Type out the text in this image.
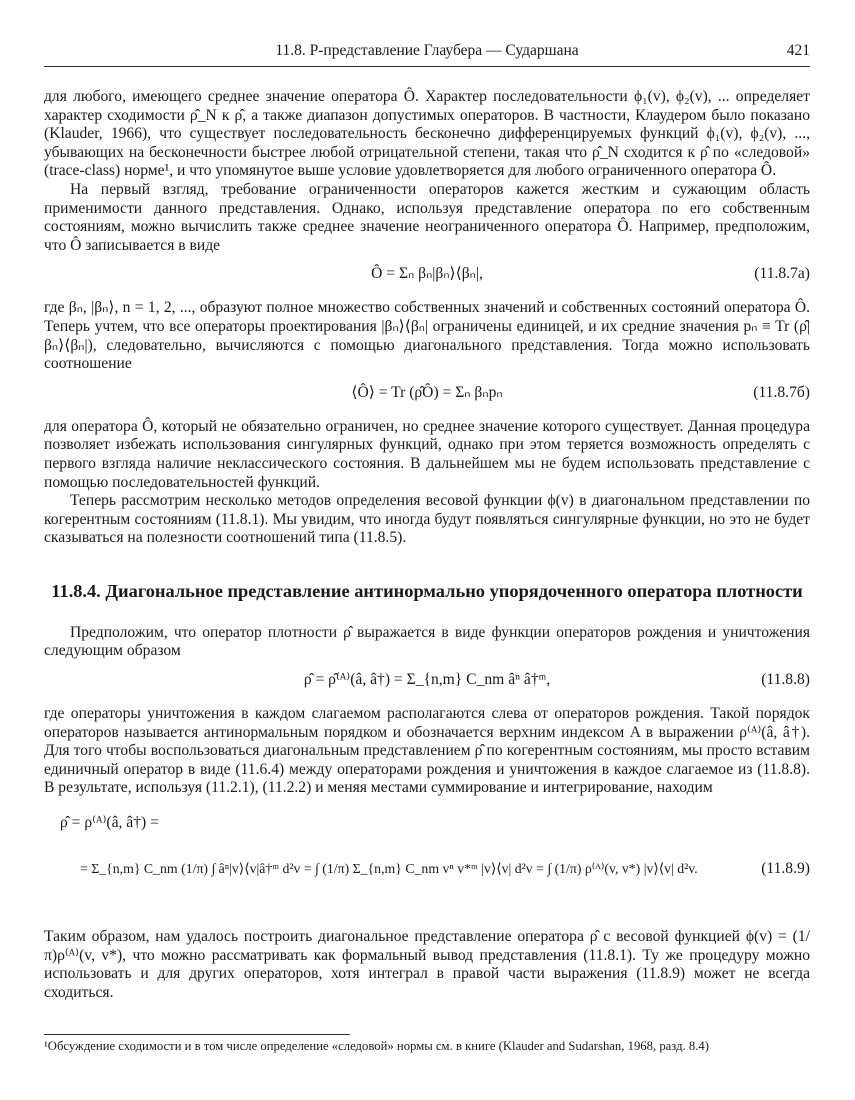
11.8. P-представление Глаубера — Сударшана	421

для любого, имеющего среднее значение оператора Ô. Характер последовательности ϕ₁(v), ϕ₂(v), ... определяет характер сходимости ρ̂_N к ρ̂, а также диапазон допустимых операторов. В частности, Клаудером было показано (Klauder, 1966), что существует последовательность бесконечно дифференцируемых функций ϕ₁(v), ϕ₂(v), ..., убывающих на бесконечности быстрее любой отрицательной степени, такая что ρ̂_N сходится к ρ̂ по «следовой» (trace-class) норме¹, и что упомянутое выше условие удовлетворяется для любого ограниченного оператора Ô.

На первый взгляд, требование ограниченности операторов кажется жестким и сужающим область применимости данного представления. Однако, используя представление оператора по его собственным состояниям, можно вычислить также среднее значение неограниченного оператора Ô. Например, предположим, что Ô записывается в виде

Ô = Σₙ βₙ|βₙ⟩⟨βₙ|,	(11.8.7a)

где βₙ, |βₙ⟩, n = 1, 2, ..., образуют полное множество собственных значений и собственных состояний оператора Ô. Теперь учтем, что все операторы проектирования |βₙ⟩⟨βₙ| ограничены единицей, и их средние значения pₙ ≡ Tr (ρ̂|βₙ⟩⟨βₙ|), следовательно, вычисляются с помощью диагонального представления. Тогда можно использовать соотношение

⟨Ô⟩ = Tr (ρ̂Ô) = Σₙ βₙpₙ	(11.8.7б)

для оператора Ô, который не обязательно ограничен, но среднее значение которого существует. Данная процедура позволяет избежать использования сингулярных функций, однако при этом теряется возможность определять с первого взгляда наличие неклассического состояния. В дальнейшем мы не будем использовать представление с помощью последовательностей функций.

Теперь рассмотрим несколько методов определения весовой функции ϕ(v) в диагональном представлении по когерентным состояниям (11.8.1). Мы увидим, что иногда будут появляться сингулярные функции, но это не будет сказываться на полезности соотношений типа (11.8.5).

11.8.4. Диагональное представление антинормально упорядоченного оператора плотности

Предположим, что оператор плотности ρ̂ выражается в виде функции операторов рождения и уничтожения следующим образом

ρ̂ = ρ̂⁽ᴬ⁾(â, â†) = Σ_{n,m} C_nm âⁿ â†ᵐ,	(11.8.8)

где операторы уничтожения в каждом слагаемом располагаются слева от операторов рождения. Такой порядок операторов называется антинормальным порядком и обозначается верхним индексом A в выражении ρ⁽ᴬ⁾(â, â†). Для того чтобы воспользоваться диагональным представлением ρ̂ по когерентным состояниям, мы просто вставим единичный оператор в виде (11.6.4) между операторами рождения и уничтожения в каждое слагаемое из (11.8.8). В результате, используя (11.2.1), (11.2.2) и меняя местами суммирование и интегрирование, находим

ρ̂ = ρ⁽ᴬ⁾(â, â†) =
= Σ_{n,m} C_nm (1/π) ∫ âⁿ|v⟩⟨v|â†ᵐ d²v = ∫ (1/π) Σ_{n,m} C_nm vⁿ v*ᵐ |v⟩⟨v| d²v = ∫ (1/π) ρ⁽ᴬ⁾(v, v*) |v⟩⟨v| d²v.	(11.8.9)

Таким образом, нам удалось построить диагональное представление оператора ρ̂ с весовой функцией ϕ(v) = (1/π)ρ⁽ᴬ⁾(v, v*), что можно рассматривать как формальный вывод представления (11.8.1). Ту же процедуру можно использовать и для других операторов, хотя интеграл в правой части выражения (11.8.9) может не всегда сходиться.

¹Обсуждение сходимости и в том числе определение «следовой» нормы см. в книге (Klauder and Sudarshan, 1968, разд. 8.4)
